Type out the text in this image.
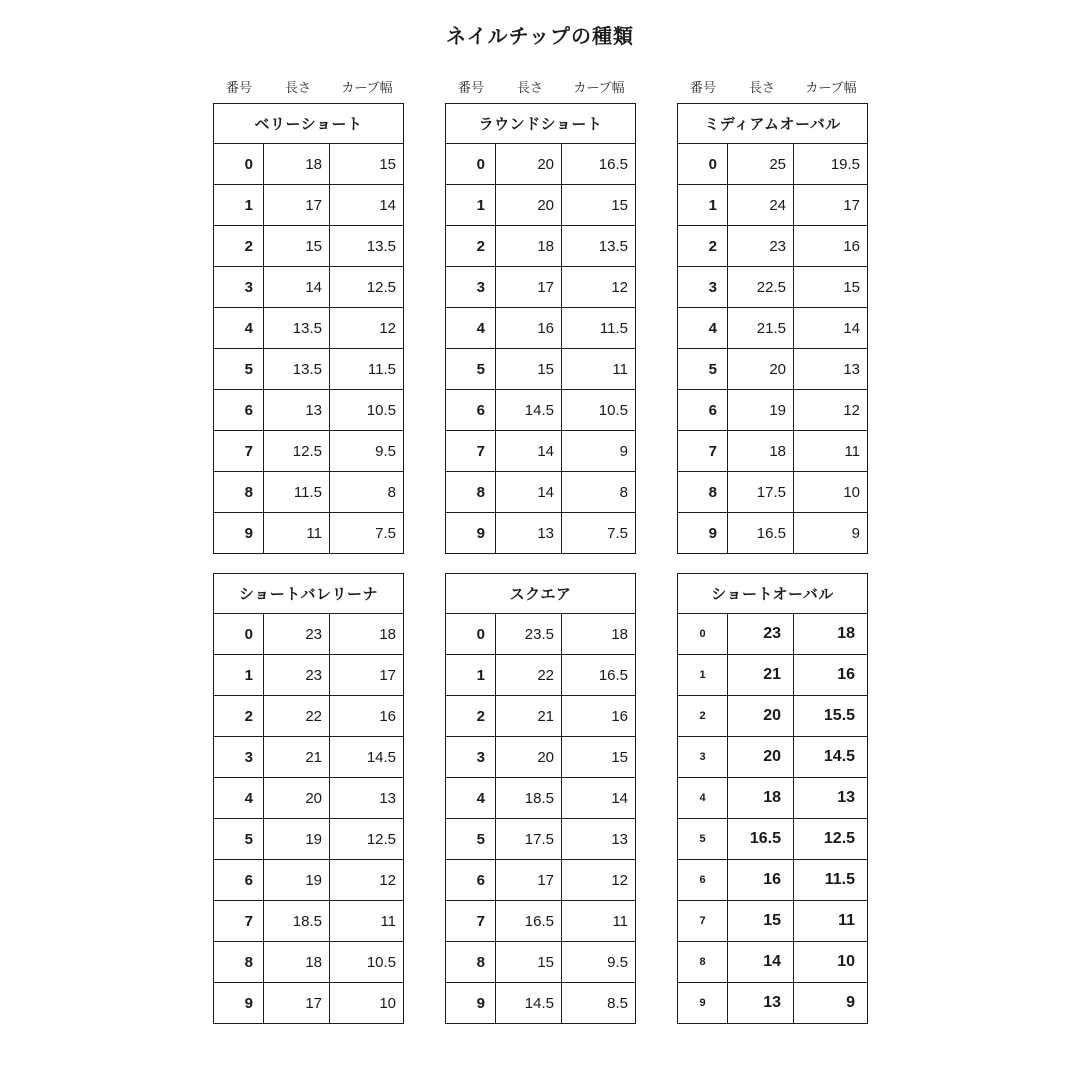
ネイルチップの種類
番号	長さ	カーブ幅
ベリーショート		
0	18	15
1	17	14
2	15	13.5
3	14	12.5
4	13.5	12
5	13.5	11.5
6	13	10.5
7	12.5	9.5
8	11.5	8
9	11	7.5
ショートバレリーナ		
0	23	18
1	23	17
2	22	16
3	21	14.5
4	20	13
5	19	12.5
6	19	12
7	18.5	11
8	18	10.5
9	17	10
番号	長さ	カーブ幅
ラウンドショート		
0	20	16.5
1	20	15
2	18	13.5
3	17	12
4	16	11.5
5	15	11
6	14.5	10.5
7	14	9
8	14	8
9	13	7.5
スクエア		
0	23.5	18
1	22	16.5
2	21	16
3	20	15
4	18.5	14
5	17.5	13
6	17	12
7	16.5	11
8	15	9.5
9	14.5	8.5
番号	長さ	カーブ幅
ミディアムオーバル		
0	25	19.5
1	24	17
2	23	16
3	22.5	15
4	21.5	14
5	20	13
6	19	12
7	18	11
8	17.5	10
9	16.5	9
ショートオーバル		
0	23	18
1	21	16
2	20	15.5
3	20	14.5
4	18	13
5	16.5	12.5
6	16	11.5
7	15	11
8	14	10
9	13	9
